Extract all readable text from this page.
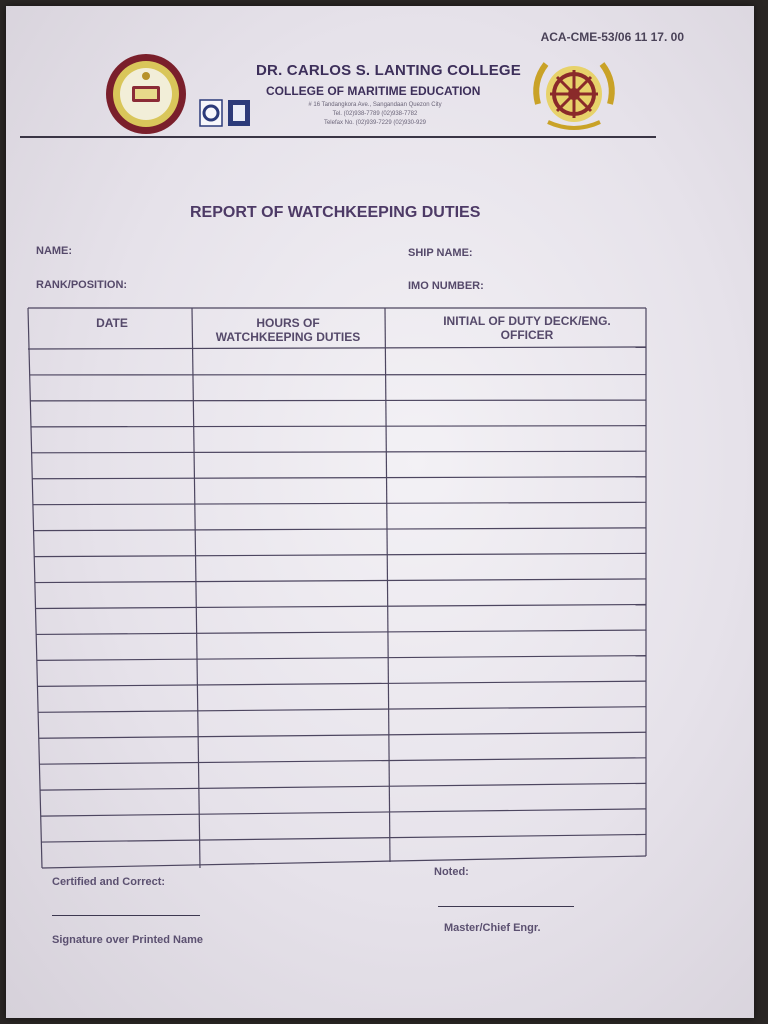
ACA-CME-53/06 11 17. 00
DR. CARLOS S. LANTING COLLEGE
COLLEGE OF MARITIME EDUCATION
# 16 Tandangkora Ave., Sangandaan Quezon City
Tel. (02)938-7789 (02)938-7782
Telefax No. (02)939-7229 (02)930-929
REPORT OF WATCHKEEPING DUTIES
NAME:
RANK/POSITION:
SHIP NAME:
IMO NUMBER:
DATE	HOURS OF
WATCHKEEPING DUTIES
INITIAL OF DUTY DECK/ENG.
OFFICER
Certified and Correct:
Signature over Printed Name
Noted:
Master/Chief Engr.
